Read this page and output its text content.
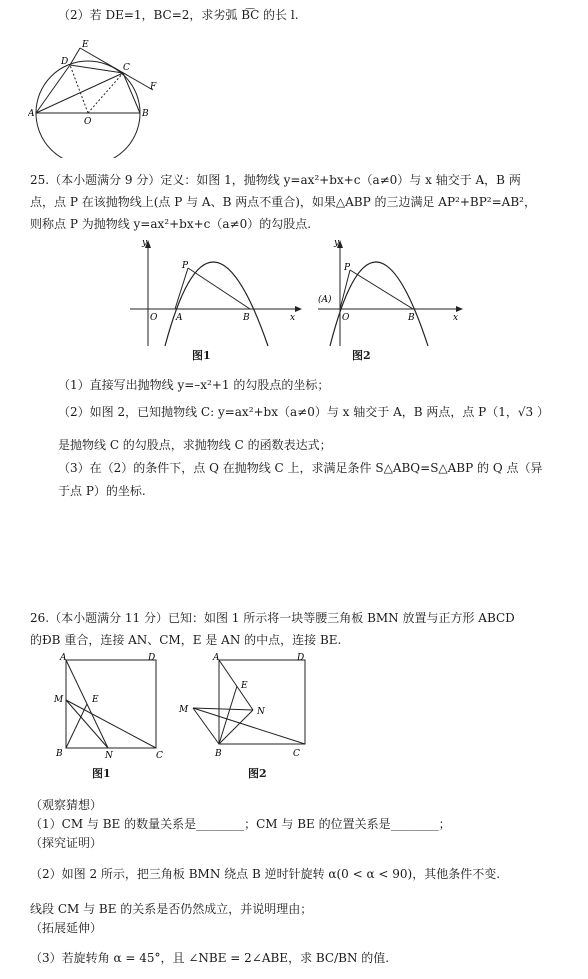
（2）若 DE=1，BC=2，求劣弧 B͡C 的长 l.
E
D
C
F
A
O
B
25.（本小题满分 9 分）定义：如图 1，抛物线 y=ax²+bx+c（a≠0）与 x 轴交于 A，B 两
点，点 P 在该抛物线上(点 P 与 A、B 两点不重合)，如果△ABP 的三边满足 AP²+BP²=AB²，
则称点 P 为抛物线 y=ax²+bx+c（a≠0）的勾股点.
y
P
O A	B	x
图1
y
P
(A)
O	B	x
图2
（1）直接写出抛物线 y=–x²+1 的勾股点的坐标；
（2）如图 2，已知抛物线 C: y=ax²+bx（a≠0）与 x 轴交于 A，B 两点，点 P（1，√3 ）
是抛物线 C 的勾股点，求抛物线 C 的函数表达式；
（3）在（2）的条件下，点 Q 在抛物线 C 上，求满足条件 S△ABQ=S△ABP 的 Q 点（异
于点 P）的坐标.
26.（本小题满分 11 分）已知：如图 1 所示将一块等腰三角板 BMN 放置与正方形 ABCD
的ÐB 重合，连接 AN、CM，E 是 AN 的中点，连接 BE.
A	D
M	E
B	N	C
图1
A	D
E
M	N
B	C
图2
（观察猜想）
（1）CM 与 BE 的数量关系是________；CM 与 BE 的位置关系是________；
（探究证明）
（2）如图 2 所示，把三角板 BMN 绕点 B 逆时针旋转 α(0 < α < 90)，其他条件不变.
线段 CM 与 BE 的关系是否仍然成立，并说明理由；
（拓展延伸）
（3）若旋转角 α = 45°，且 ∠NBE = 2∠ABE，求 BC/BN 的值.
